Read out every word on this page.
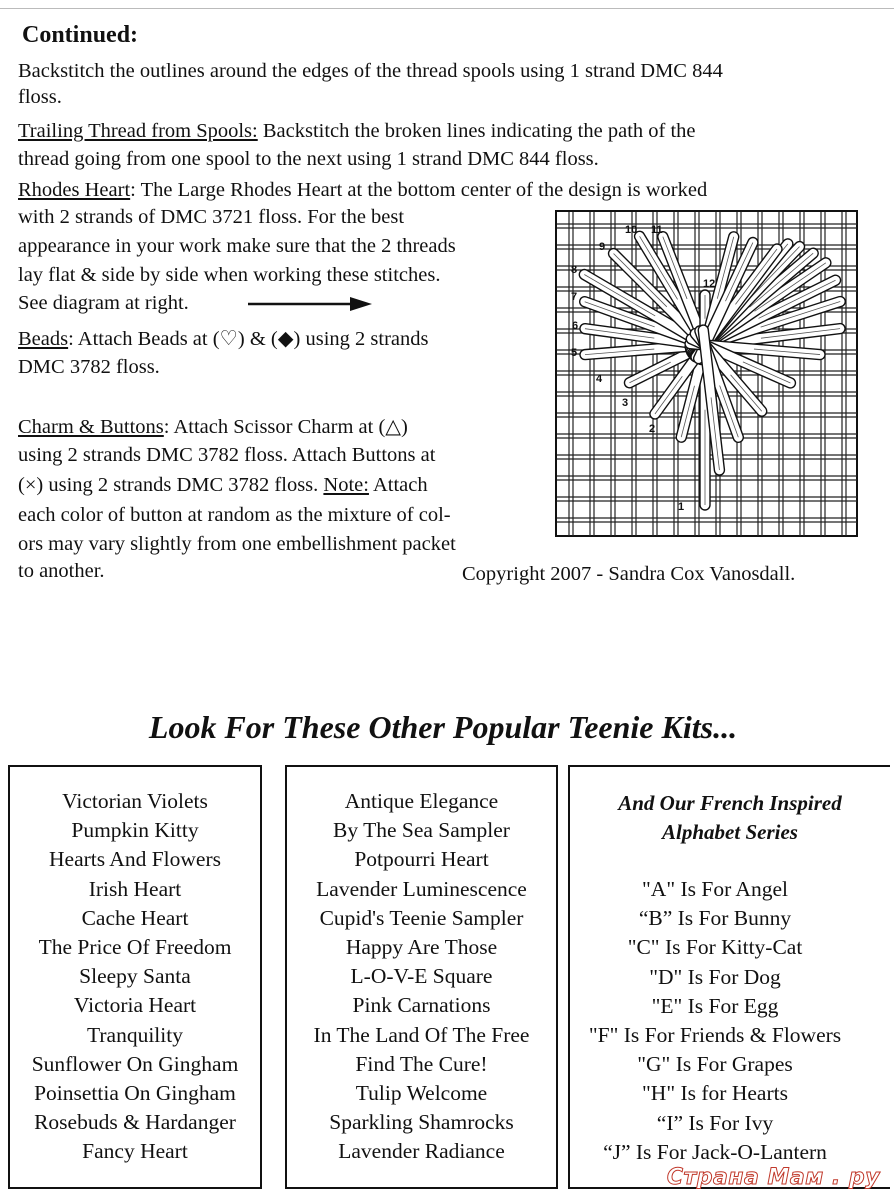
Continued:
Backstitch the outlines around the edges of the thread spools using 1 strand DMC 844
floss.
Trailing Thread from Spools: Backstitch the broken lines indicating the path of the
thread going from one spool to the next using 1 strand DMC 844 floss.
Rhodes Heart: The Large Rhodes Heart at the bottom center of the design is worked
with 2 strands of DMC 3721 floss. For the best
appearance in your work make sure that the 2 threads
lay flat & side by side when working these stitches.
See diagram at right.
Beads: Attach Beads at (♡) & (◆) using 2 strands
DMC 3782 floss.
Charm & Buttons: Attach Scissor Charm at (△)
using 2 strands DMC 3782 floss. Attach Buttons at
(×) using 2 strands DMC 3782 floss. Note: Attach
each color of button at random as the mixture of col-
ors may vary slightly from one embellishment packet
to another.	Copyright 2007 - Sandra Cox Vanosdall.
1
2
3
4
5
6
7
8
9
10 11
12
Look For These Other Popular Teenie Kits...
Victorian Violets
Pumpkin Kitty
Hearts And Flowers
Irish Heart
Cache Heart
The Price Of Freedom
Sleepy Santa
Victoria Heart
Tranquility
Sunflower On Gingham
Poinsettia On Gingham
Rosebuds & Hardanger
Fancy Heart
Antique Elegance
By The Sea Sampler
Potpourri Heart
Lavender Luminescence
Cupid's Teenie Sampler
Happy Are Those
L-O-V-E Square
Pink Carnations
In The Land Of The Free
Find The Cure!
Tulip Welcome
Sparkling Shamrocks
Lavender Radiance
And Our French Inspired
Alphabet Series
"A" Is For Angel
“B” Is For Bunny
"C" Is For Kitty-Cat
"D" Is For Dog
"E" Is For Egg
"F" Is For Friends & Flowers
"G" Is For Grapes
"H" Is for Hearts
“I” Is For Ivy
“J” Is For Jack-O-Lantern
Страна Мам . ру
